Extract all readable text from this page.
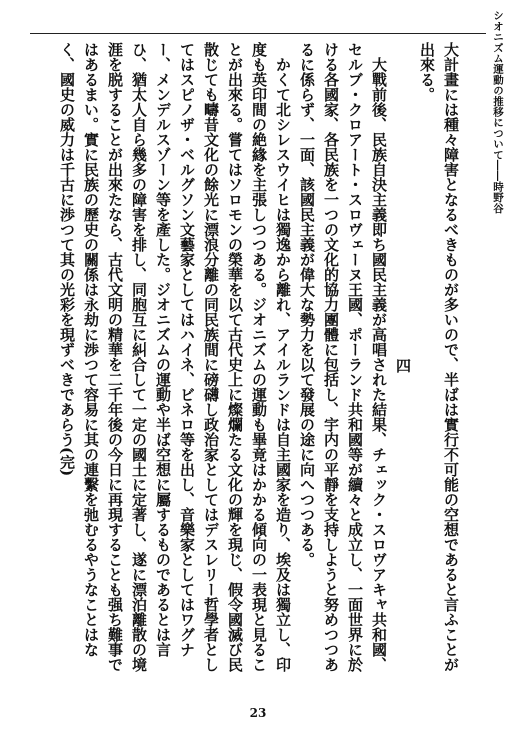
シオニズム運動の推移について――時野谷

大計畫には種々障害となるべきものが多いので、半ばは實行不可能の空想であると言ふことが出來る。

四

大戰前後、民族自決主義即ち國民主義が高唱された結果、チェック・スロヴアキャ共和國、セルブ・クロアート・スロヴェーヌ王國、ポーランド共和國等が續々と成立し、一面世界に於ける各國家、各民族を一つの文化的協力團體に包括し、宇内の平靜を支持しようと努めつつあるに係らず、一面、該國民主義が偉大な勢力を以て發展の途に向へつつある。

かくて北シレスウイヒは獨逸から離れ、アイルランドは自主國家を造り、埃及は獨立し、印度も英印間の絶緣を主張しつつある。ジオニズムの運動も畢竟はかかる傾向の一表現と見ることが出來る。嘗てはソロモンの榮華を以て古代史上に燦爛たる文化の輝を現じ、假令國滅び民散じても疇昔文化の餘光に漂浪分離の同民族間に磅礴し政治家としてはデスレリー哲學者としてはスピノザ・ベルグソン文藝家としてはハイネ、ビネロ等を出し、音樂家としてはワグナー、メンデルスゾーン等を產した。ジオニズムの運動や半ば空想に屬するものであるとは言ひ、猶太人自ら幾多の障害を排し、同胞互に糾合して一定の國土に定著し、遂に漂泊離散の境涯を脱することが出來たなら、古代文明の精華を二千年後の今日に再現することも强ち難事ではあるまい。實に民族の歷史の關係は永劫に渉つて容易に其の連繫を弛むるやうなことはなく、國史の威力は千古に渉つて其の光彩を現ずべきであらう(完)

23
